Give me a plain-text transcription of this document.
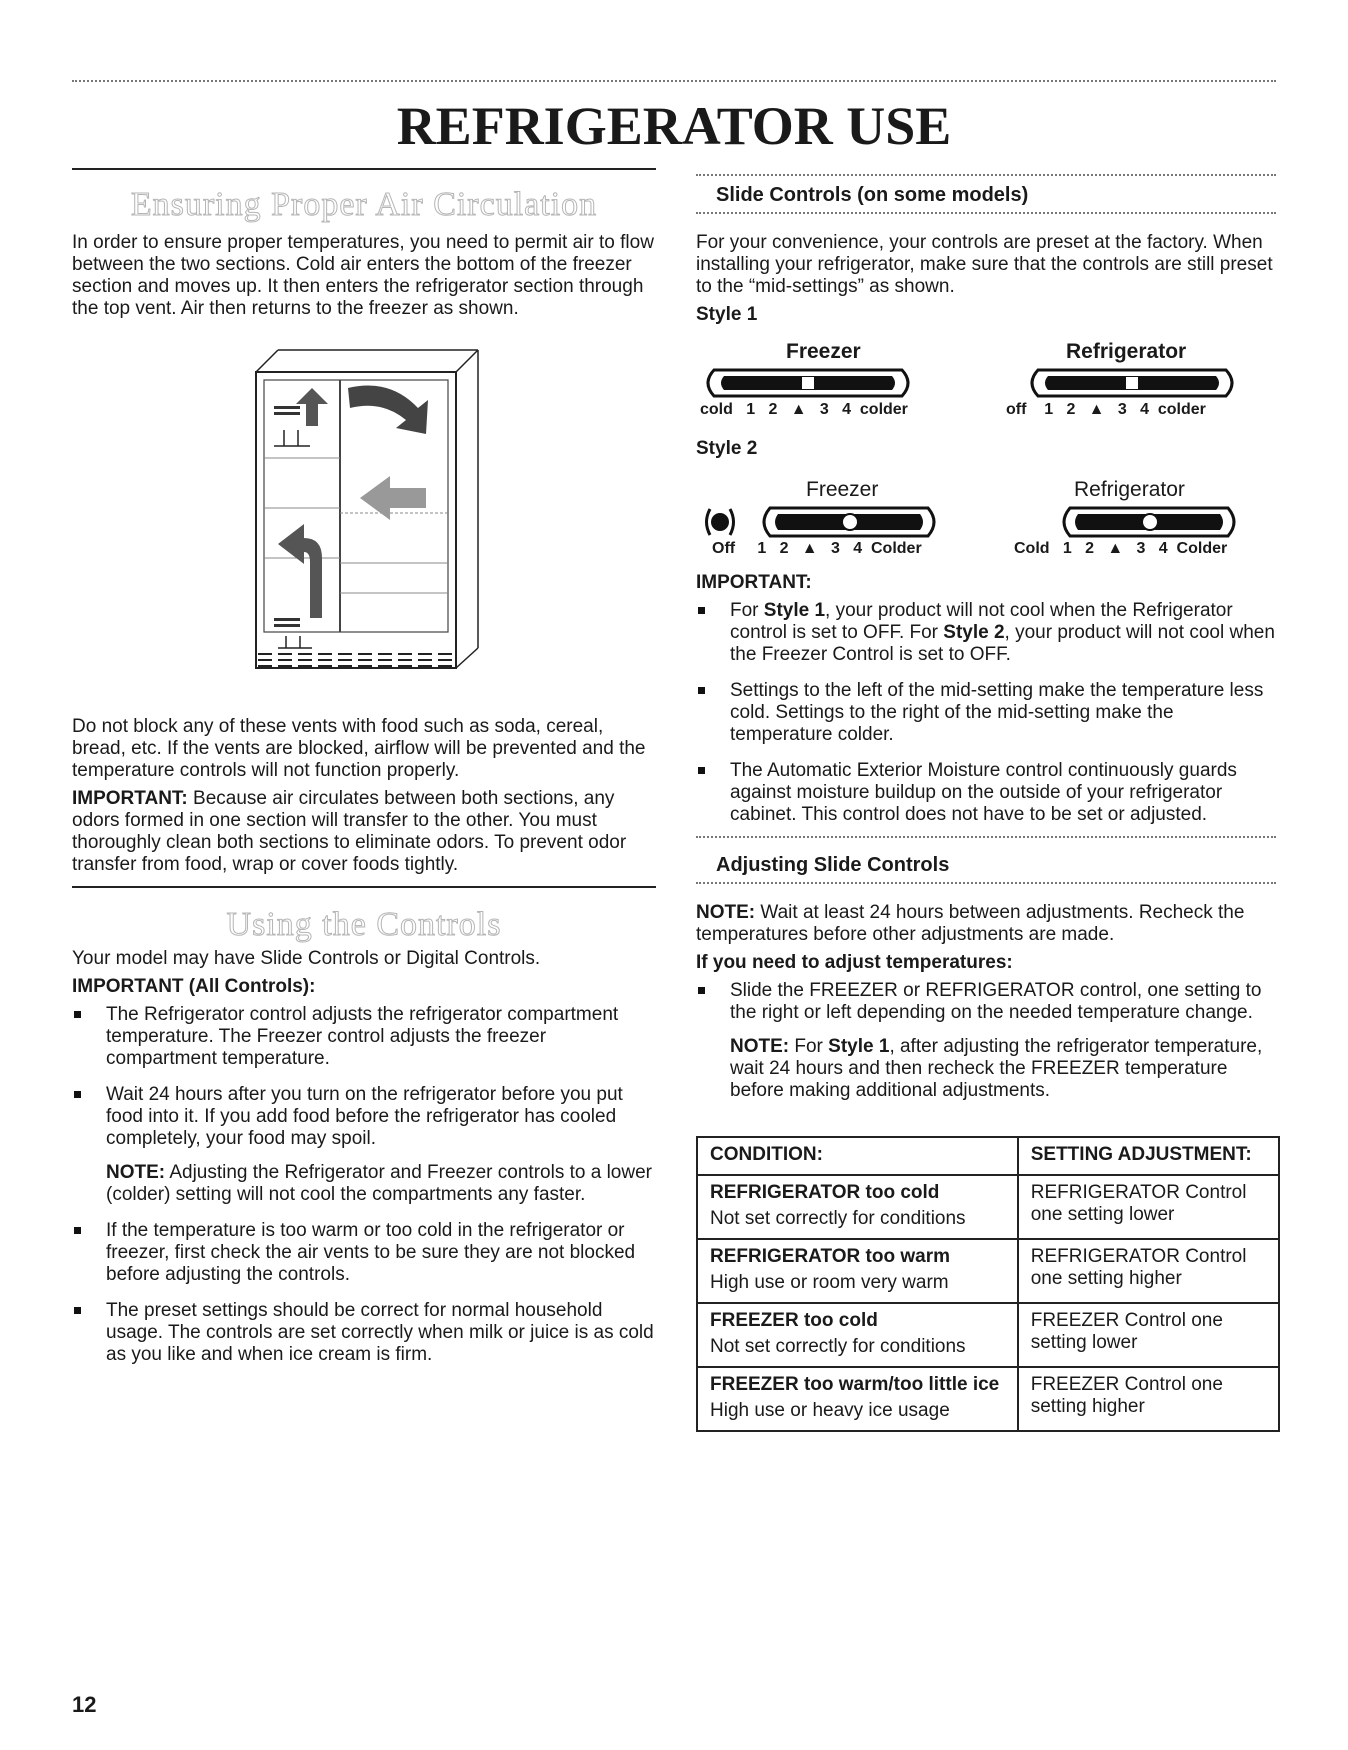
REFRIGERATOR USE
Ensuring Proper Air Circulation

In order to ensure proper temperatures, you need to permit air to flow between the two sections. Cold air enters the bottom of the freezer section and moves up. It then enters the refrigerator section through the top vent. Air then returns to the freezer as shown.

Do not block any of these vents with food such as soda, cereal, bread, etc. If the vents are blocked, airflow will be prevented and the temperature controls will not function properly.

IMPORTANT: Because air circulates between both sections, any odors formed in one section will transfer to the other. You must thoroughly clean both sections to eliminate odors. To prevent odor transfer from food, wrap or cover foods tightly.

Using the Controls

Your model may have Slide Controls or Digital Controls.

IMPORTANT (All Controls):
The Refrigerator control adjusts the refrigerator compartment temperature. The Freezer control adjusts the freezer compartment temperature.
Wait 24 hours after you turn on the refrigerator before you put food into it. If you add food before the refrigerator has cooled completely, your food may spoil.
NOTE: Adjusting the Refrigerator and Freezer controls to a lower (colder) setting will not cool the compartments any faster.
If the temperature is too warm or too cold in the refrigerator or freezer, first check the air vents to be sure they are not blocked before adjusting the controls.
The preset settings should be correct for normal household usage. The controls are set correctly when milk or juice is as cold as you like and when ice cream is firm.
Slide Controls (on some models)

For your convenience, your controls are preset at the factory. When installing your refrigerator, make sure that the controls are still preset to the “mid-settings” as shown.

Style 1
Freezer	Refrigerator
cold   1   2   ▲   3   4  colder	off    1   2   ▲   3   4  colder
Style 2
Freezer	Refrigerator
Off     1   2   ▲   3   4  Colder	Cold   1   2   ▲   3   4  Colder
IMPORTANT:
For Style 1, your product will not cool when the Refrigerator control is set to OFF. For Style 2, your product will not cool when the Freezer Control is set to OFF.
Settings to the left of the mid-setting make the temperature less cold. Settings to the right of the mid-setting make the temperature colder.
The Automatic Exterior Moisture control continuously guards against moisture buildup on the outside of your refrigerator cabinet. This control does not have to be set or adjusted.
Adjusting Slide Controls

NOTE: Wait at least 24 hours between adjustments. Recheck the temperatures before other adjustments are made.

If you need to adjust temperatures:
Slide the FREEZER or REFRIGERATOR control, one setting to the right or left depending on the needed temperature change.
NOTE: For Style 1, after adjusting the refrigerator temperature, wait 24 hours and then recheck the FREEZER temperature before making additional adjustments.
CONDITION:	SETTING ADJUSTMENT:

REFRIGERATOR too cold
Not set correctly for conditions	REFRIGERATOR Control one setting lower

REFRIGERATOR too warm
High use or room very warm	REFRIGERATOR Control one setting higher

FREEZER too cold
Not set correctly for conditions	FREEZER Control one setting lower

FREEZER too warm/too little ice
High use or heavy ice usage	FREEZER Control one setting higher
12
